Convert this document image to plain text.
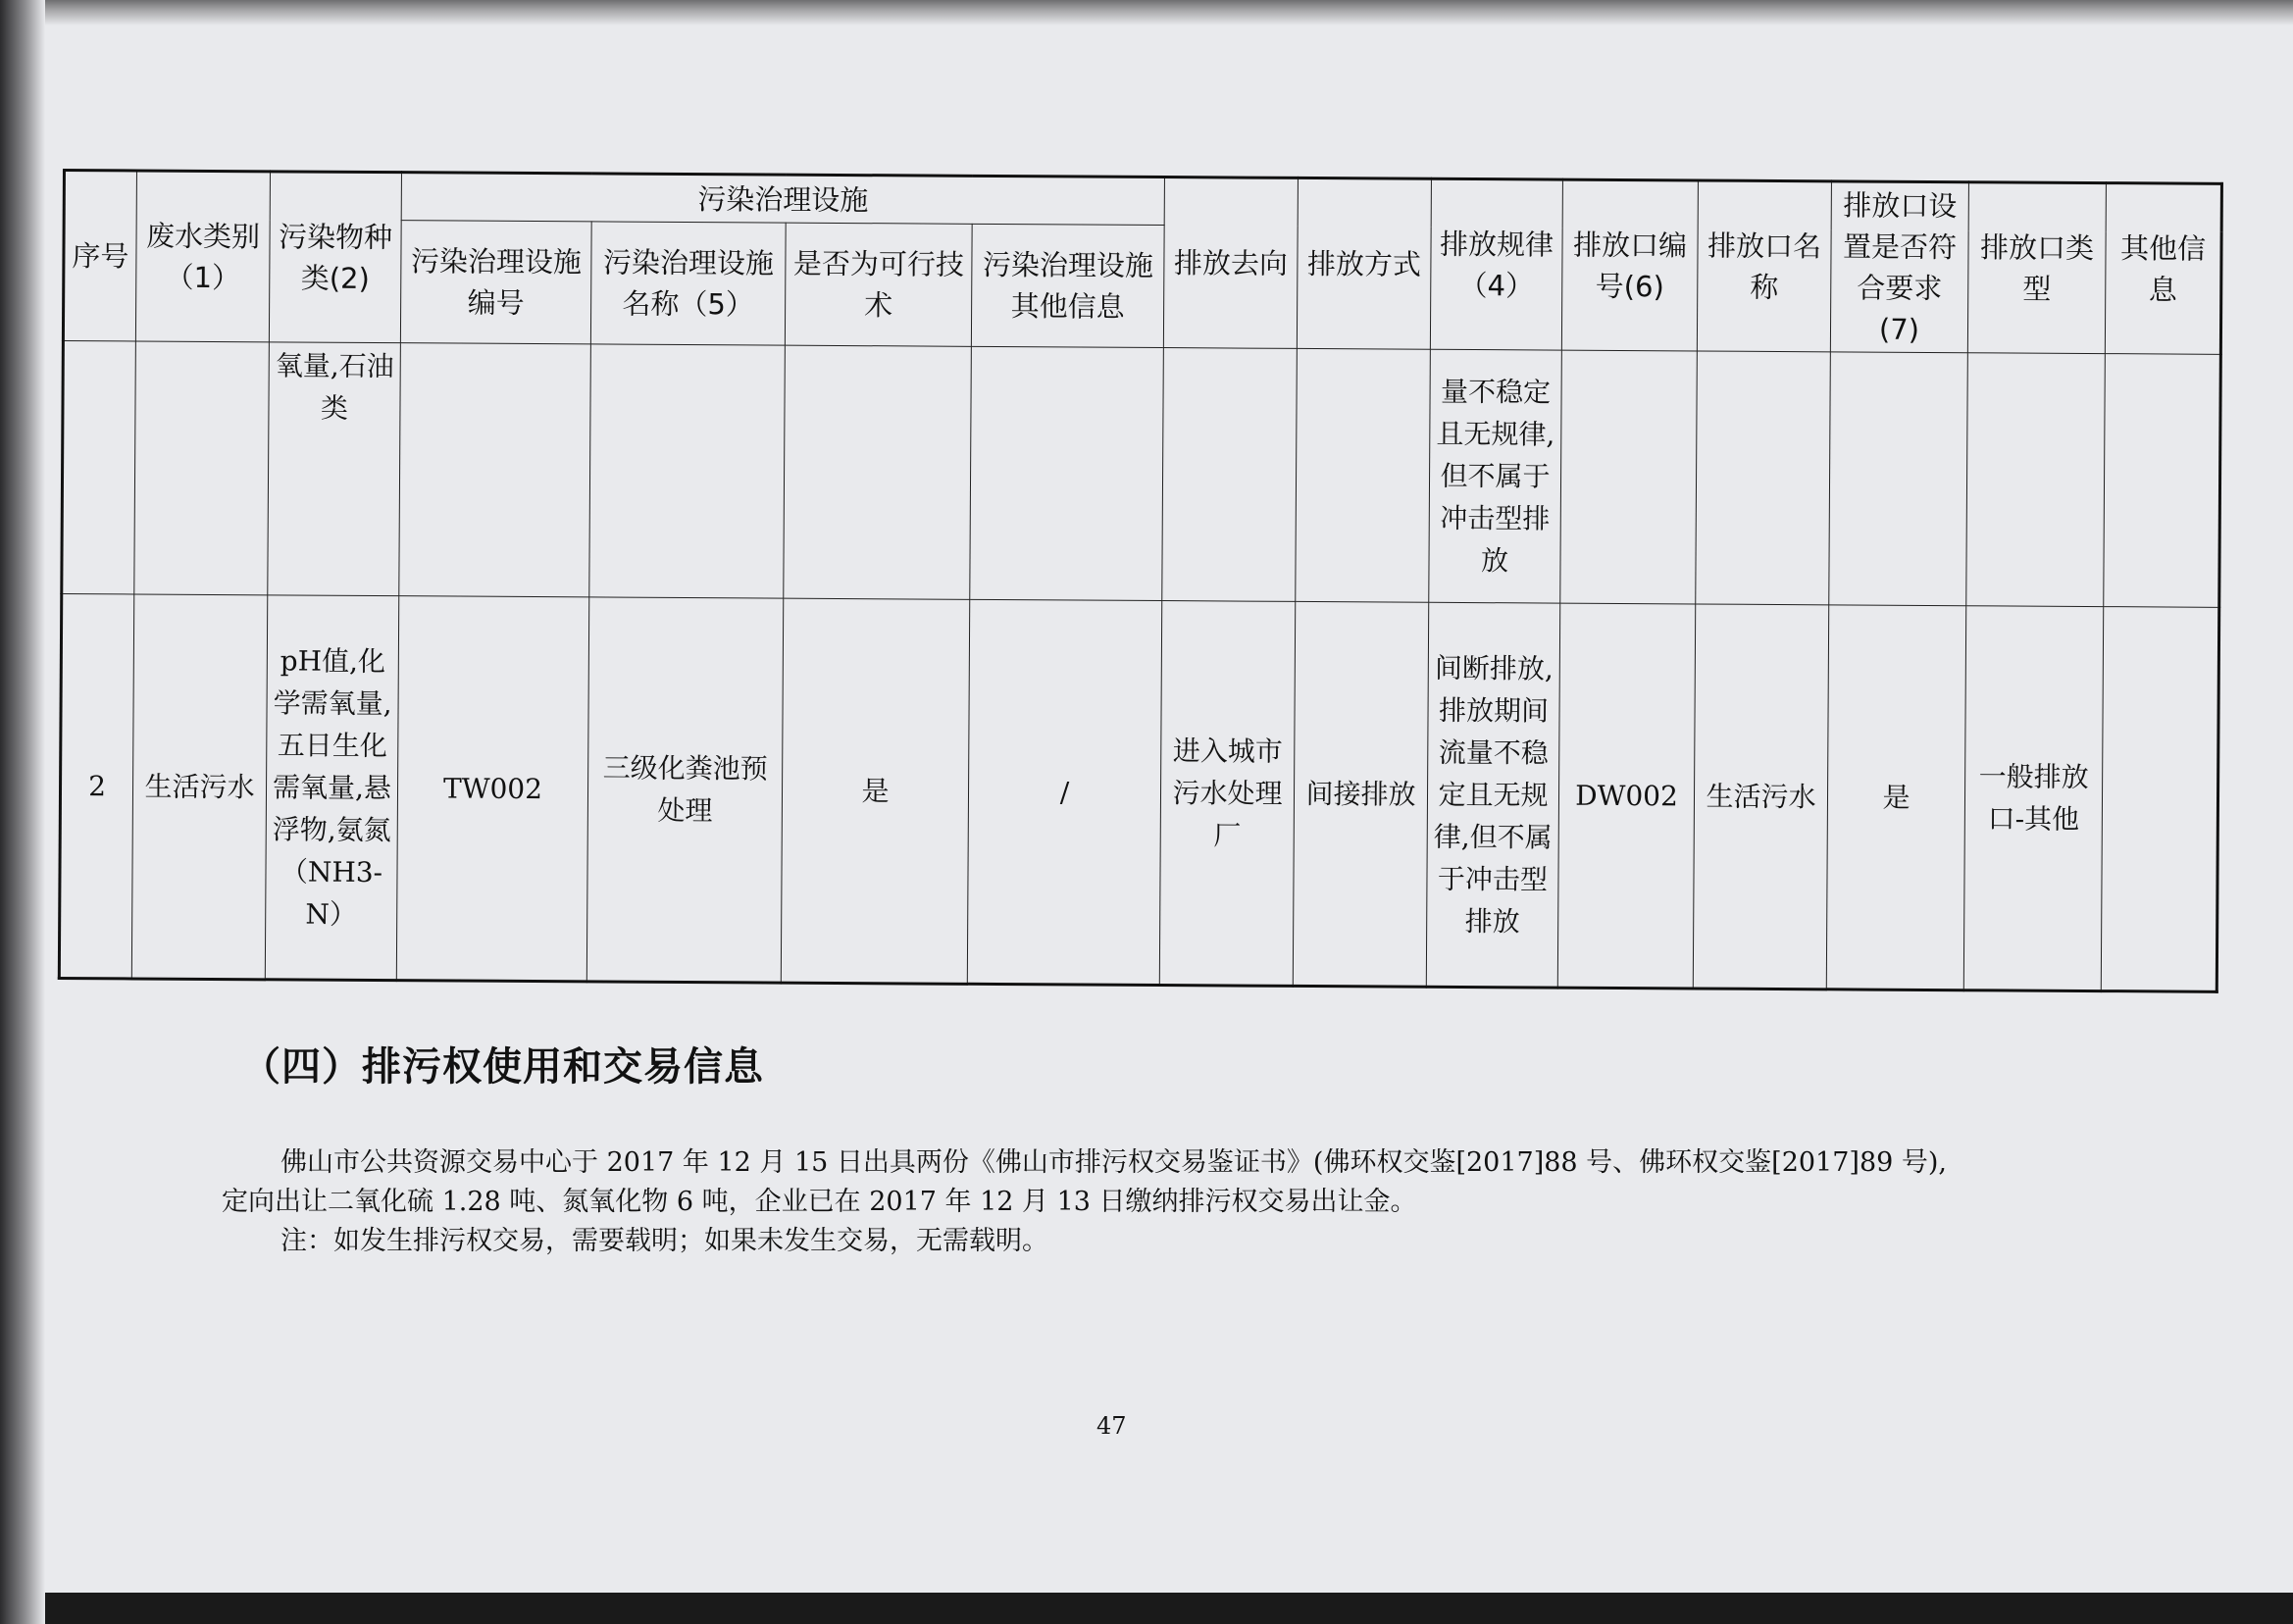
序号	废水类别（1）	污染物种类(2)	污染治理设施				排放去向	排放方式	排放规律（4）	排放口编号(6)	排放口名称	排放口设置是否符合要求(7)	排放口类型	其他信息
			污染治理设施编号	污染治理设施名称（5）	是否为可行技术	污染治理设施其他信息								
		氧量,石油类							量不稳定且无规律,但不属于冲击型排放					
2	生活污水	pH值,化学需氧量,五日生化需氧量,悬浮物,氨氮（NH3-N）	TW002	三级化粪池预处理	是	/	进入城市污水处理厂	间接排放	间断排放,排放期间流量不稳定且无规律,但不属于冲击型排放	DW002	生活污水	是	一般排放口-其他	
（四）排污权使用和交易信息

佛山市公共资源交易中心于 2017 年 12 月 15 日出具两份《佛山市排污权交易鉴证书》(佛环权交鉴[2017]88 号、佛环权交鉴[2017]89 号),

定向出让二氧化硫 1.28 吨、氮氧化物 6 吨，企业已在 2017 年 12 月 13 日缴纳排污权交易出让金。

注：如发生排污权交易，需要载明；如果未发生交易，无需载明。

47
